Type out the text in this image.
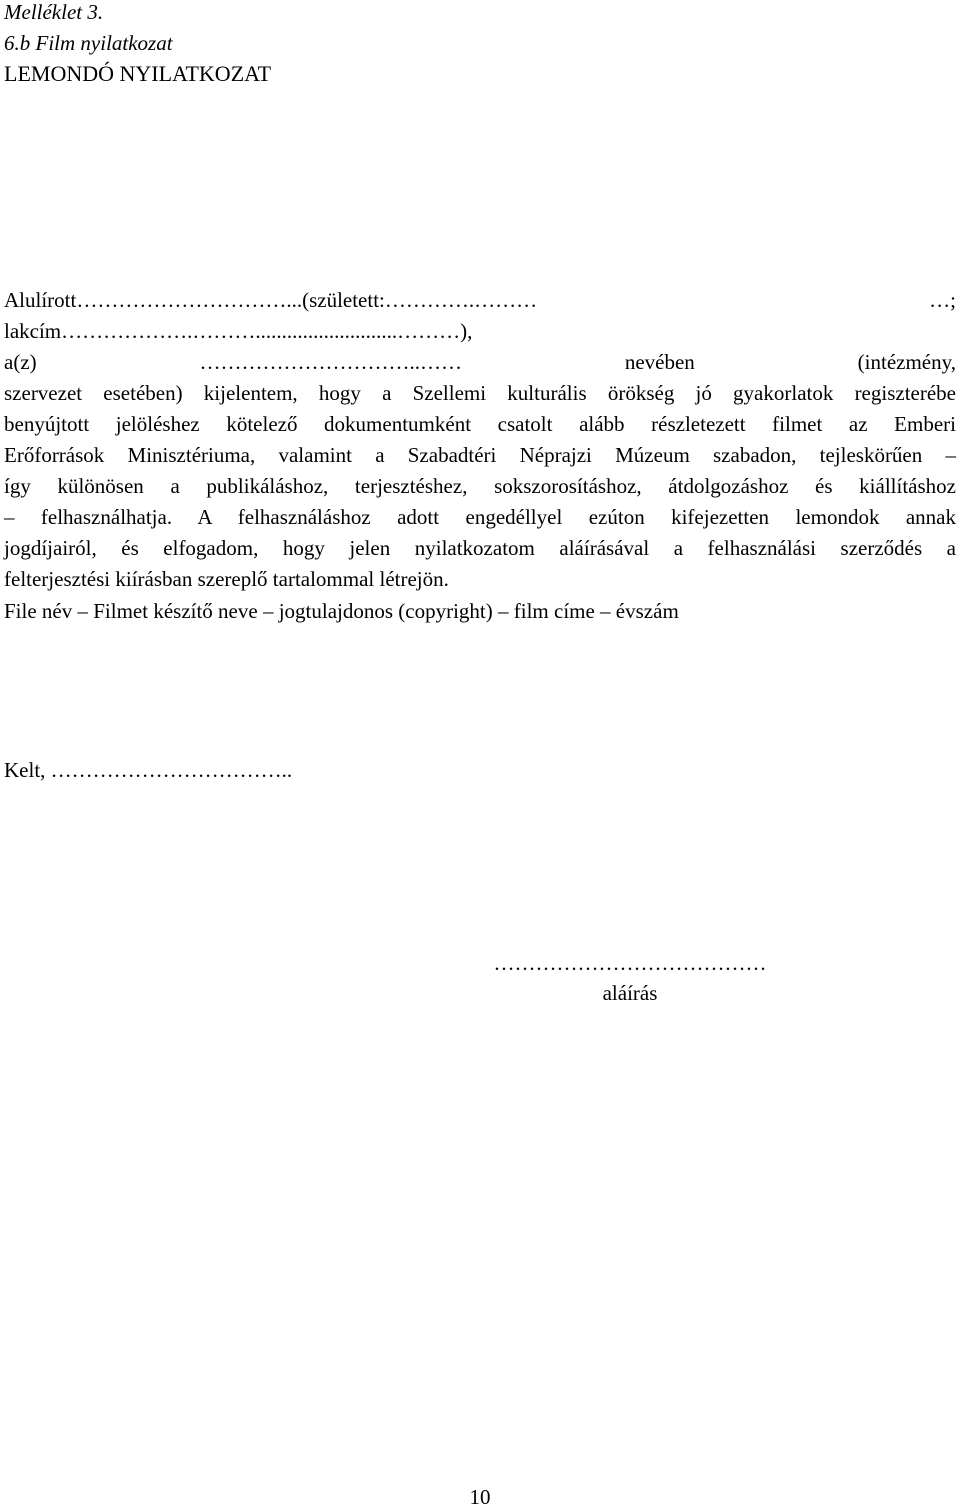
Melléklet 3.
6.b Film nyilatkozat
LEMONDÓ NYILATKOZAT
Alulírott…………………………...(született:………….……… …;
lakcím……………….………...........................………),
a(z) …………………………..…… nevében (intézmény,
szervezet esetében) kijelentem, hogy a Szellemi kulturális örökség jó gyakorlatok regiszterébe
benyújtott jelöléshez kötelező dokumentumként csatolt alább részletezett filmet az Emberi
Erőforrások Minisztériuma, valamint a Szabadtéri Néprajzi Múzeum szabadon, tejleskörűen –
így különösen a publikáláshoz, terjesztéshez, sokszorosításhoz, átdolgozáshoz és kiállításhoz
– felhasználhatja. A felhasználáshoz adott engedéllyel ezúton kifejezetten lemondok annak
jogdíjairól, és elfogadom, hogy jelen nyilatkozatom aláírásával a felhasználási szerződés a
felterjesztési kiírásban szereplő tartalommal létrejön.
File név – Filmet készítő neve – jogtulajdonos (copyright) – film címe – évszám
Kelt, ……………………………..
…………………………………
aláírás
10
